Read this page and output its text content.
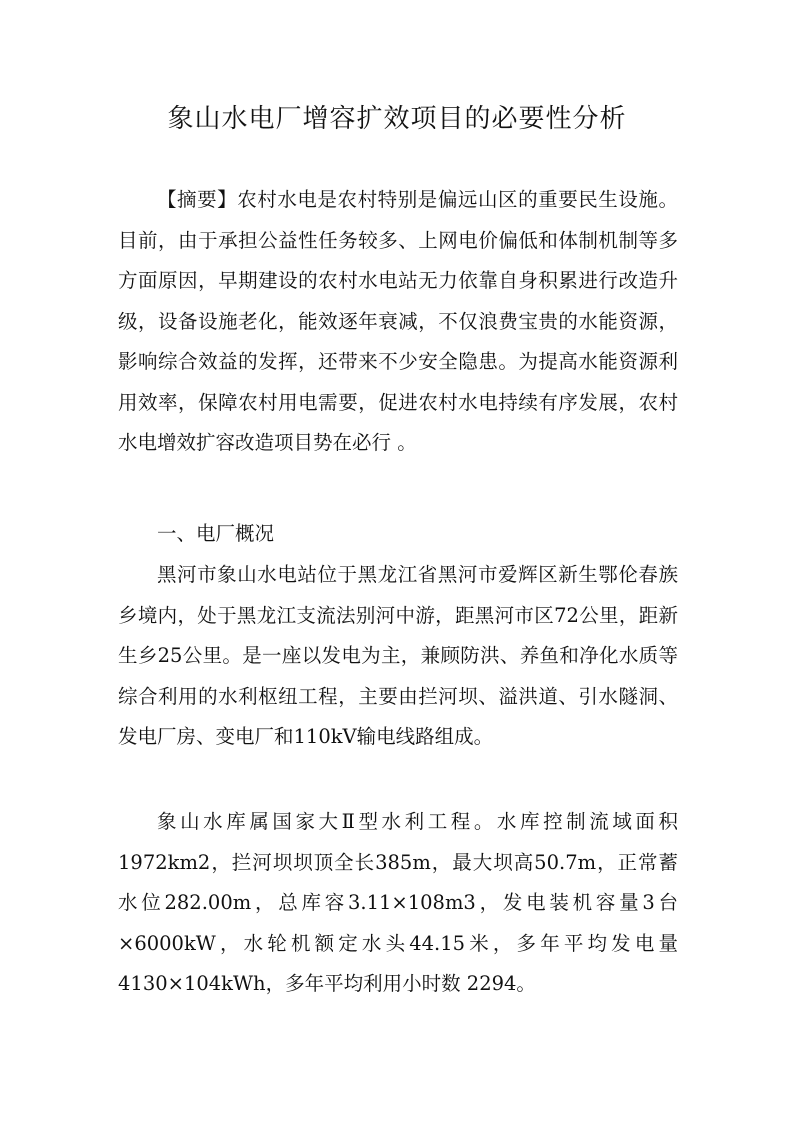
象山水电厂增容扩效项目的必要性分析

【摘要】农村水电是农村特别是偏远山区的重要民生设施。目前，由于承担公益性任务较多、上网电价偏低和体制机制等多方面原因，早期建设的农村水电站无力依靠自身积累进行改造升级，设备设施老化，能效逐年衰减，不仅浪费宝贵的水能资源，影响综合效益的发挥，还带来不少安全隐患。为提高水能资源利用效率，保障农村用电需要，促进农村水电持续有序发展，农村水电增效扩容改造项目势在必行 。

一、电厂概况

黑河市象山水电站位于黑龙江省黑河市爱辉区新生鄂伦春族乡境内，处于黑龙江支流法别河中游，距黑河市区72公里，距新生乡25公里。是一座以发电为主，兼顾防洪、养鱼和净化水质等综合利用的水利枢纽工程，主要由拦河坝、溢洪道、引水隧洞、发电厂房、变电厂和110kV输电线路组成。

象山水库属国家大Ⅱ型水利工程。水库控制流域面积1972km2，拦河坝坝顶全长385m，最大坝高50.7m，正常蓄水位282.00m，总库容3.11×108m3，发电装机容量3台×6000kW，水轮机额定水头44.15米，多年平均发电量4130×104kWh，多年平均利用小时数 2294。
